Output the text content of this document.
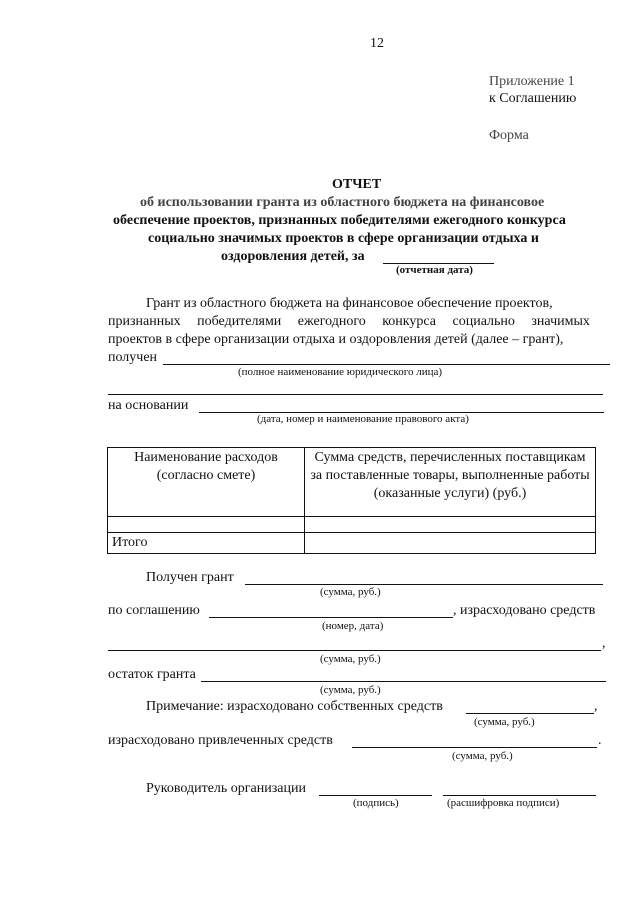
12
Приложение 1
к Соглашению
Форма
ОТЧЕТ
об использовании гранта из областного бюджета на финансовое
обеспечение проектов, признанных победителями ежегодного конкурса
социально значимых проектов в сфере организации отдыха и
оздоровления детей, за
(отчетная дата)
Грант из областного бюджета на финансовое обеспечение проектов,
признанных победителями ежегодного конкурса социально значимых
проектов в сфере организации отдыха и оздоровления детей (далее – грант),
получен
(полное наименование юридического лица)
на основании
(дата, номер и наименование правового акта)
Наименование расходов (согласно смете)	Сумма средств, перечисленных поставщикам за поставленные товары, выполненные работы (оказанные услуги) (руб.)

Итого	
Получен грант
(сумма, руб.)
по соглашению	, израсходовано средств
(номер, дата)
,
(сумма, руб.)
остаток гранта
(сумма, руб.)
Примечание: израсходовано собственных средств	,
(сумма, руб.)
израсходовано привлеченных средств	.
(сумма, руб.)
Руководитель организации
(подпись)	(расшифровка подписи)
